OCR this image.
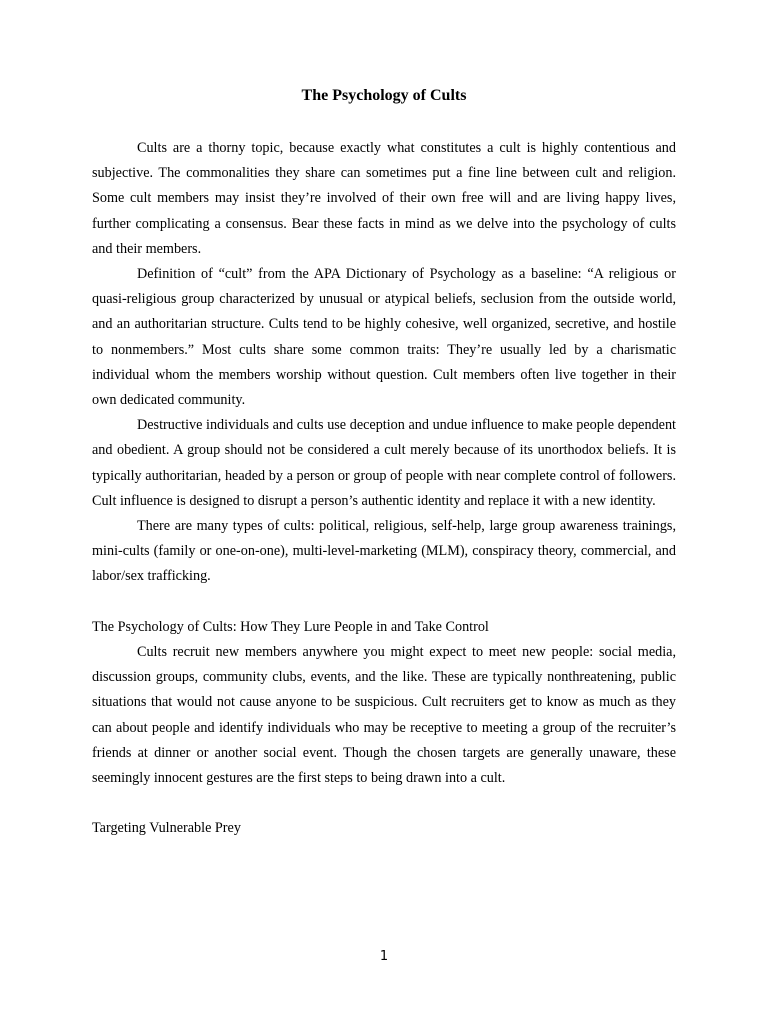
The Psychology of Cults

Cults are a thorny topic, because exactly what constitutes a cult is highly contentious and subjective. The commonalities they share can sometimes put a fine line between cult and religion. Some cult members may insist they’re involved of their own free will and are living happy lives, further complicating a consensus. Bear these facts in mind as we delve into the psychology of cults and their members.

Definition of “cult” from the APA Dictionary of Psychology as a baseline: “A religious or quasi-religious group characterized by unusual or atypical beliefs, seclusion from the outside world, and an authoritarian structure. Cults tend to be highly cohesive, well organized, secretive, and hostile to nonmembers.” Most cults share some common traits: They’re usually led by a charismatic individual whom the members worship without question. Cult members often live together in their own dedicated community.

Destructive individuals and cults use deception and undue influence to make people dependent and obedient. A group should not be considered a cult merely because of its unorthodox beliefs. It is typically authoritarian, headed by a person or group of people with near complete control of followers. Cult influence is designed to disrupt a person’s authentic identity and replace it with a new identity.

There are many types of cults: political, religious, self-help, large group awareness trainings, mini-cults (family or one-on-one), multi-level-marketing (MLM), conspiracy theory, commercial, and labor/sex trafficking.

The Psychology of Cults: How They Lure People in and Take Control

Cults recruit new members anywhere you might expect to meet new people: social media, discussion groups, community clubs, events, and the like. These are typically nonthreatening, public situations that would not cause anyone to be suspicious. Cult recruiters get to know as much as they can about people and identify individuals who may be receptive to meeting a group of the recruiter’s friends at dinner or another social event. Though the chosen targets are generally unaware, these seemingly innocent gestures are the first steps to being drawn into a cult.

Targeting Vulnerable Prey

1
